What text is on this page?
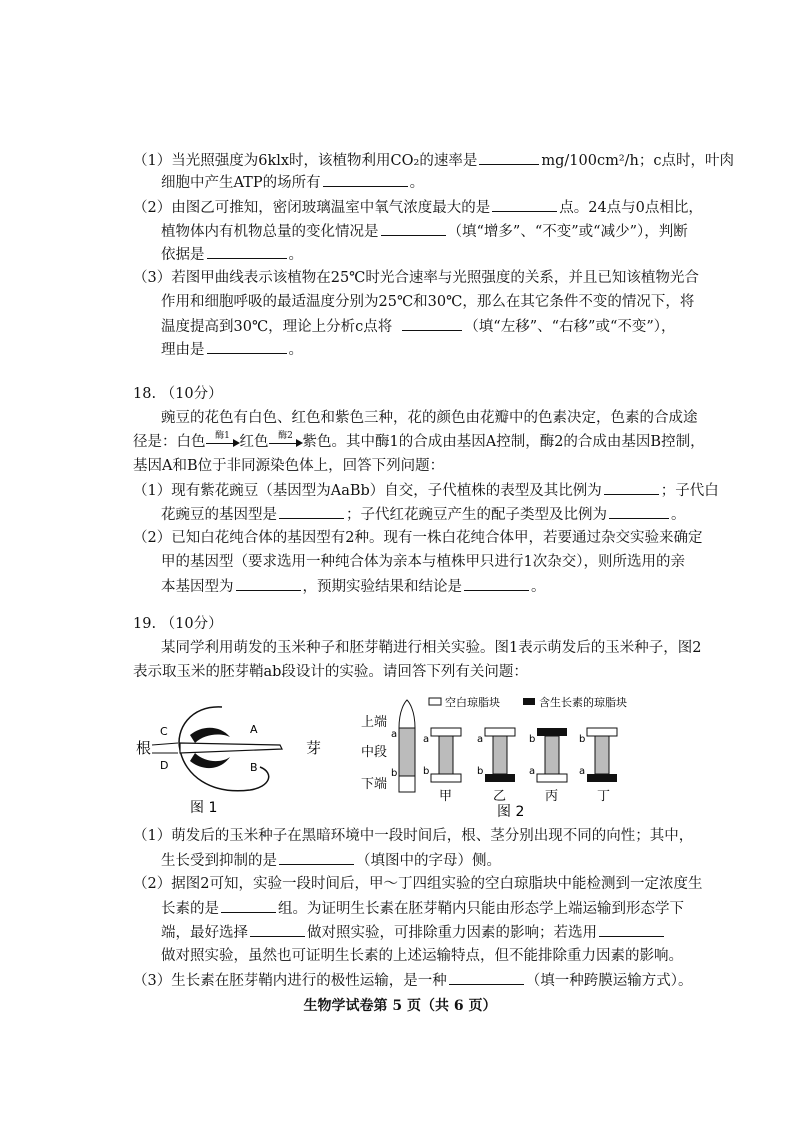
（1）当光照强度为6klx时，该植物利用CO₂的速率是	mg/100cm²/h；c点时，叶肉
细胞中产生ATP的场所有	。
（2）由图乙可推知，密闭玻璃温室中氧气浓度最大的是	点。24点与0点相比，
植物体内有机物总量的变化情况是	（填“增多”、“不变”或“减少”），判断
依据是	。
（3）若图甲曲线表示该植物在25℃时光合速率与光照强度的关系，并且已知该植物光合
作用和细胞呼吸的最适温度分别为25℃和30℃，那么在其它条件不变的情况下，将
温度提高到30℃，理论上分析c点将	（填“左移”、“右移”或“不变”），
理由是	。
18. （10分）
豌豆的花色有白色、红色和紫色三种，花的颜色由花瓣中的色素决定，色素的合成途
径是：白色	酶1 红色	酶2 紫色。其中酶1的合成由基因A控制，酶2的合成由基因B控制，
基因A和B位于非同源染色体上，回答下列问题：
（1）现有紫花豌豆（基因型为AaBb）自交，子代植株的表型及其比例为	；子代白
花豌豆的基因型是	；子代红花豌豆产生的配子类型及比例为	。
（2）已知白花纯合体的基因型有2种。现有一株白花纯合体甲，若要通过杂交实验来确定
甲的基因型（要求选用一种纯合体为亲本与植株甲只进行1次杂交），则所选用的亲
本基因型为	，预期实验结果和结论是	。
19. （10分）
某同学利用萌发的玉米种子和胚芽鞘进行相关实验。图1表示萌发后的玉米种子，图2
表示取玉米的胚芽鞘ab段设计的实验。请回答下列有关问题：
根	芽
C
D
A
B
图 1
空白琼脂块	含生长素的琼脂块
上端
a
中段
b
下端
a
b
甲
a
b
乙
b
a
丙
b
a
丁
图 2
（1）萌发后的玉米种子在黑暗环境中一段时间后，根、茎分别出现不同的向性；其中，
生长受到抑制的是	（填图中的字母）侧。
（2）据图2可知，实验一段时间后，甲～丁四组实验的空白琼脂块中能检测到一定浓度生
长素的是	组。为证明生长素在胚芽鞘内只能由形态学上端运输到形态学下
端，最好选择	做对照实验，可排除重力因素的影响；若选用
做对照实验，虽然也可证明生长素的上述运输特点，但不能排除重力因素的影响。
（3）生长素在胚芽鞘内进行的极性运输，是一种	（填一种跨膜运输方式）。
生物学试卷第 5 页（共 6 页）
